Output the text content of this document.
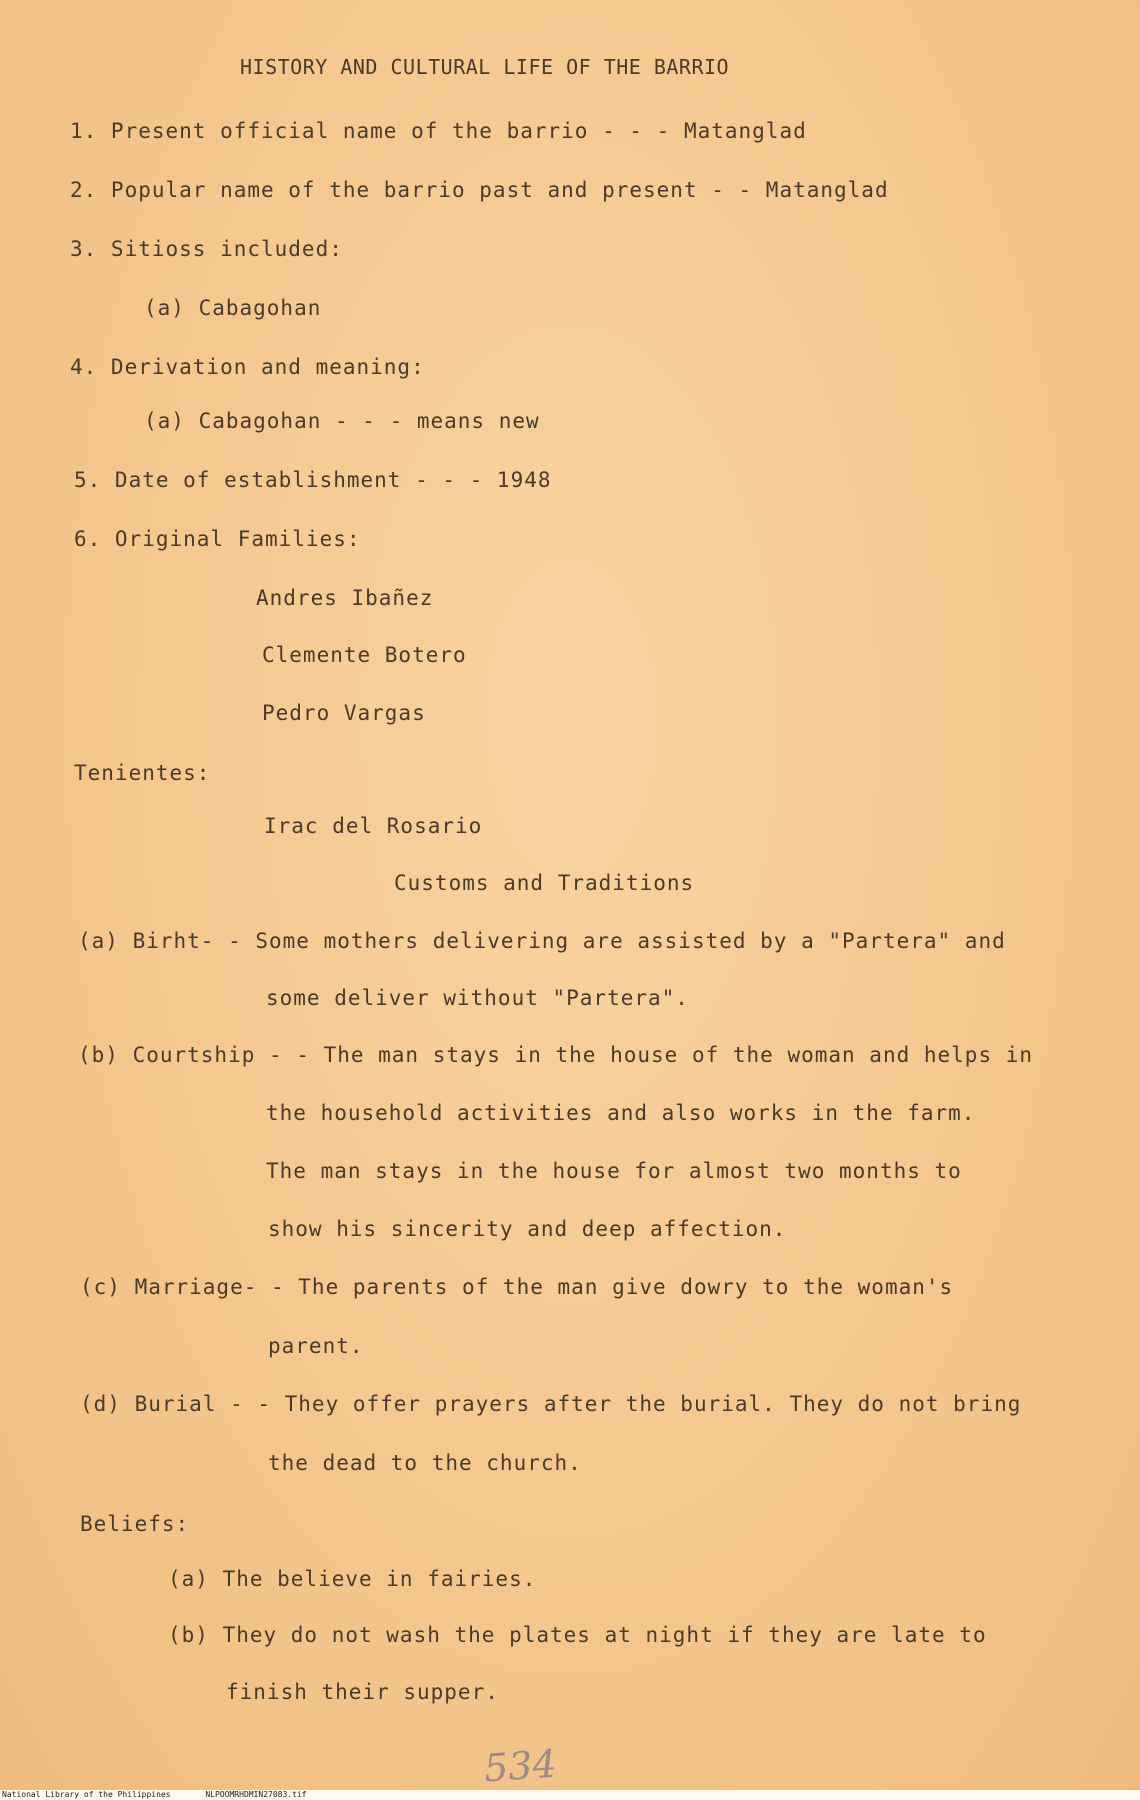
HISTORY AND CULTURAL LIFE OF THE BARRIO
1. Present official name of the barrio - - - Matanglad
2. Popular name of the barrio past and present - - Matanglad
3. Sitioss included:
(a) Cabagohan
4. Derivation and meaning:
(a) Cabagohan - - - means new
5. Date of establishment - - - 1948
6. Original Families:
Andres Ibañez
Clemente Botero
Pedro Vargas
Tenientes:
Irac del Rosario
Customs and Traditions
(a) Birht- - Some mothers delivering are assisted by a "Partera" and
some deliver without "Partera".
(b) Courtship - - The man stays in the house of the woman and helps in
the household activities and also works in the farm.
The man stays in the house for almost two months to
show his sincerity and deep affection.
(c) Marriage- - The parents of the man give dowry to the woman's
parent.
(d) Burial - - They offer prayers after the burial. They do not bring
the dead to the church.
Beliefs:
(a) The believe in fairies.
(b) They do not wash the plates at night if they are late to
finish their supper.
534
National Library of the Philippines	NLPOOMRHDMIN27083.tif
